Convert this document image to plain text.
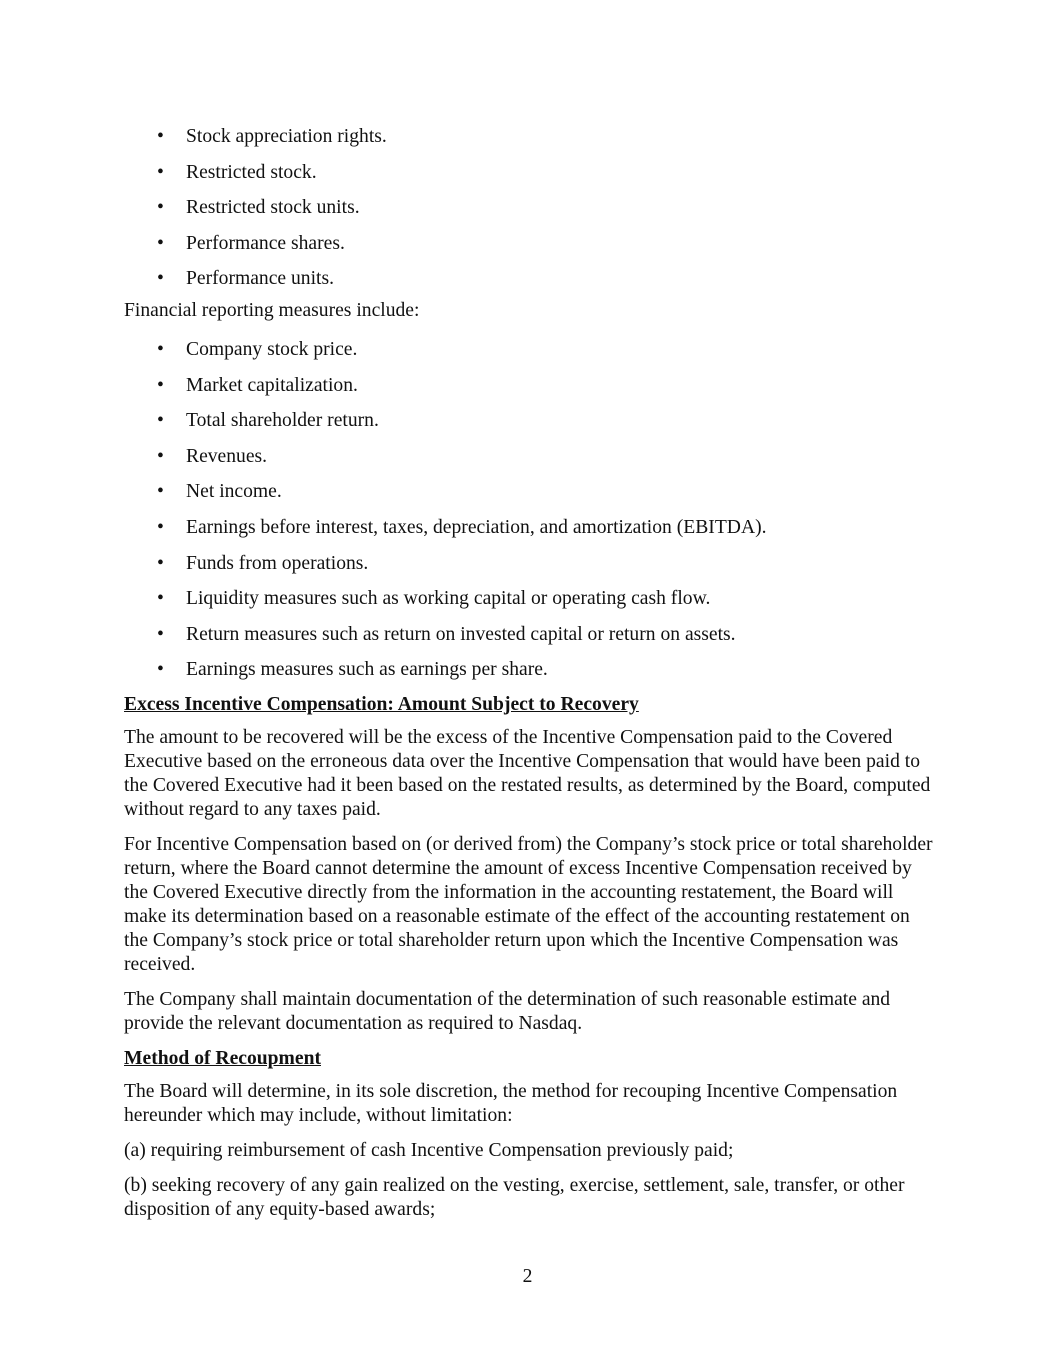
• Stock appreciation rights.
• Restricted stock.
• Restricted stock units.
• Performance shares.
• Performance units.

Financial reporting measures include:

• Company stock price.
• Market capitalization.
• Total shareholder return.
• Revenues.
• Net income.
• Earnings before interest, taxes, depreciation, and amortization (EBITDA).
• Funds from operations.
• Liquidity measures such as working capital or operating cash flow.
• Return measures such as return on invested capital or return on assets.
• Earnings measures such as earnings per share.
Excess Incentive Compensation: Amount Subject to Recovery

The amount to be recovered will be the excess of the Incentive Compensation paid to the Covered Executive based on the erroneous data over the Incentive Compensation that would have been paid to the Covered Executive had it been based on the restated results, as determined by the Board, computed without regard to any taxes paid.

For Incentive Compensation based on (or derived from) the Company’s stock price or total shareholder return, where the Board cannot determine the amount of excess Incentive Compensation received by the Covered Executive directly from the information in the accounting restatement, the Board will make its determination based on a reasonable estimate of the effect of the accounting restatement on the Company’s stock price or total shareholder return upon which the Incentive Compensation was received.

The Company shall maintain documentation of the determination of such reasonable estimate and provide the relevant documentation as required to Nasdaq.

Method of Recoupment

The Board will determine, in its sole discretion, the method for recouping Incentive Compensation hereunder which may include, without limitation:

(a) requiring reimbursement of cash Incentive Compensation previously paid;

(b) seeking recovery of any gain realized on the vesting, exercise, settlement, sale, transfer, or other disposition of any equity-based awards;

2
